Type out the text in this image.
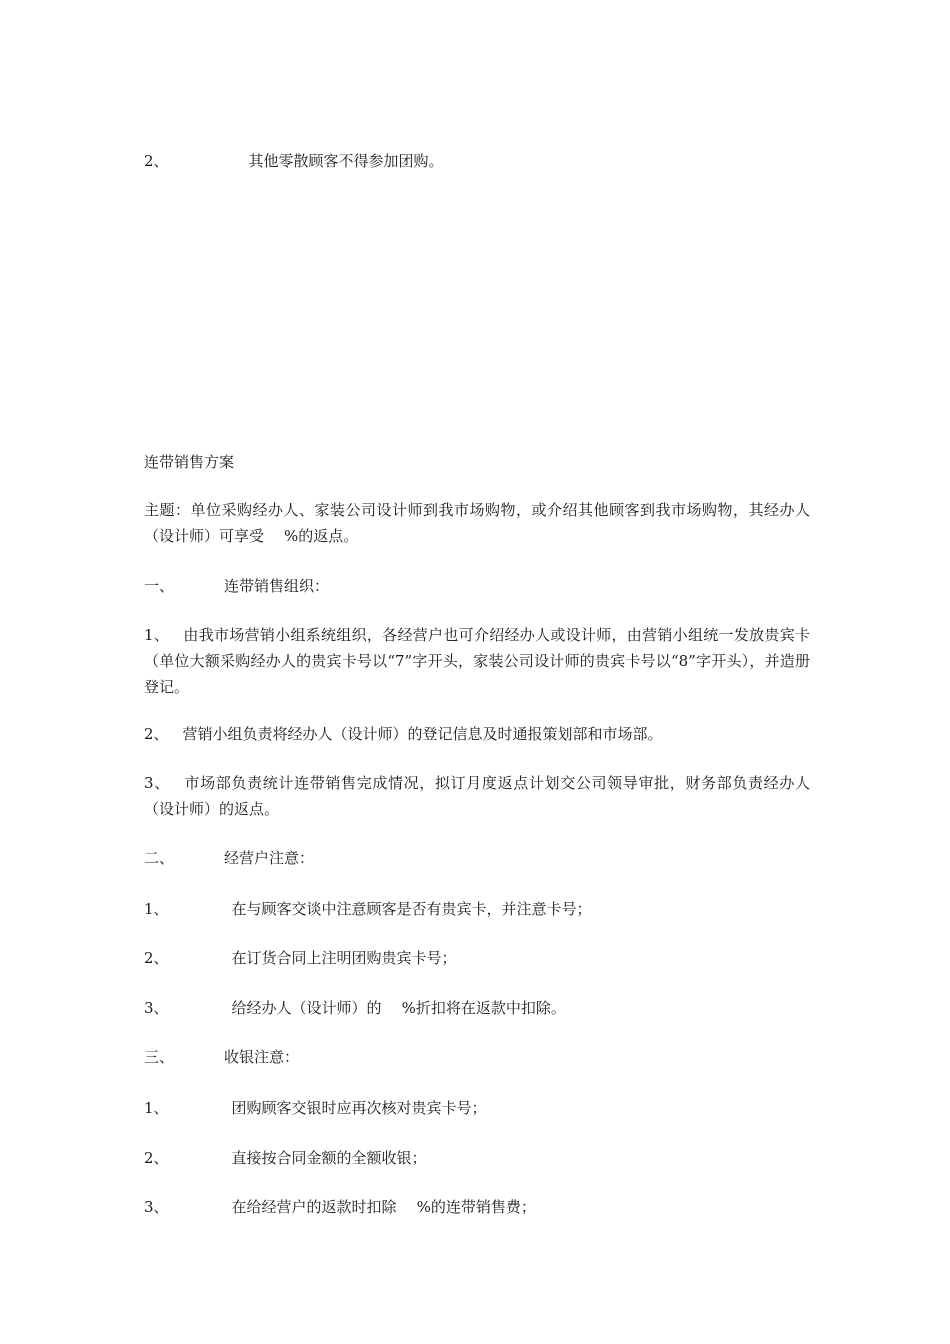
2、	其他零散顾客不得参加团购。
连带销售方案
主题：单位采购经办人、家装公司设计师到我市场购物，或介绍其他顾客到我市场购物，其经办人（设计师）可享受 %的返点。
一、	连带销售组织：
1、 由我市场营销小组系统组织，各经营户也可介绍经办人或设计师，由营销小组统一发放贵宾卡（单位大额采购经办人的贵宾卡号以“7”字开头，家装公司设计师的贵宾卡号以“8”字开头），并造册登记。
2、 营销小组负责将经办人（设计师）的登记信息及时通报策划部和市场部。
3、 市场部负责统计连带销售完成情况，拟订月度返点计划交公司领导审批，财务部负责经办人（设计师）的返点。
二、	经营户注意：
1、	在与顾客交谈中注意顾客是否有贵宾卡，并注意卡号；
2、	在订货合同上注明团购贵宾卡号；
3、	给经办人（设计师）的 %折扣将在返款中扣除。
三、	收银注意：
1、	团购顾客交银时应再次核对贵宾卡号；
2、	直接按合同金额的全额收银；
3、	在给经营户的返款时扣除 %的连带销售费；
